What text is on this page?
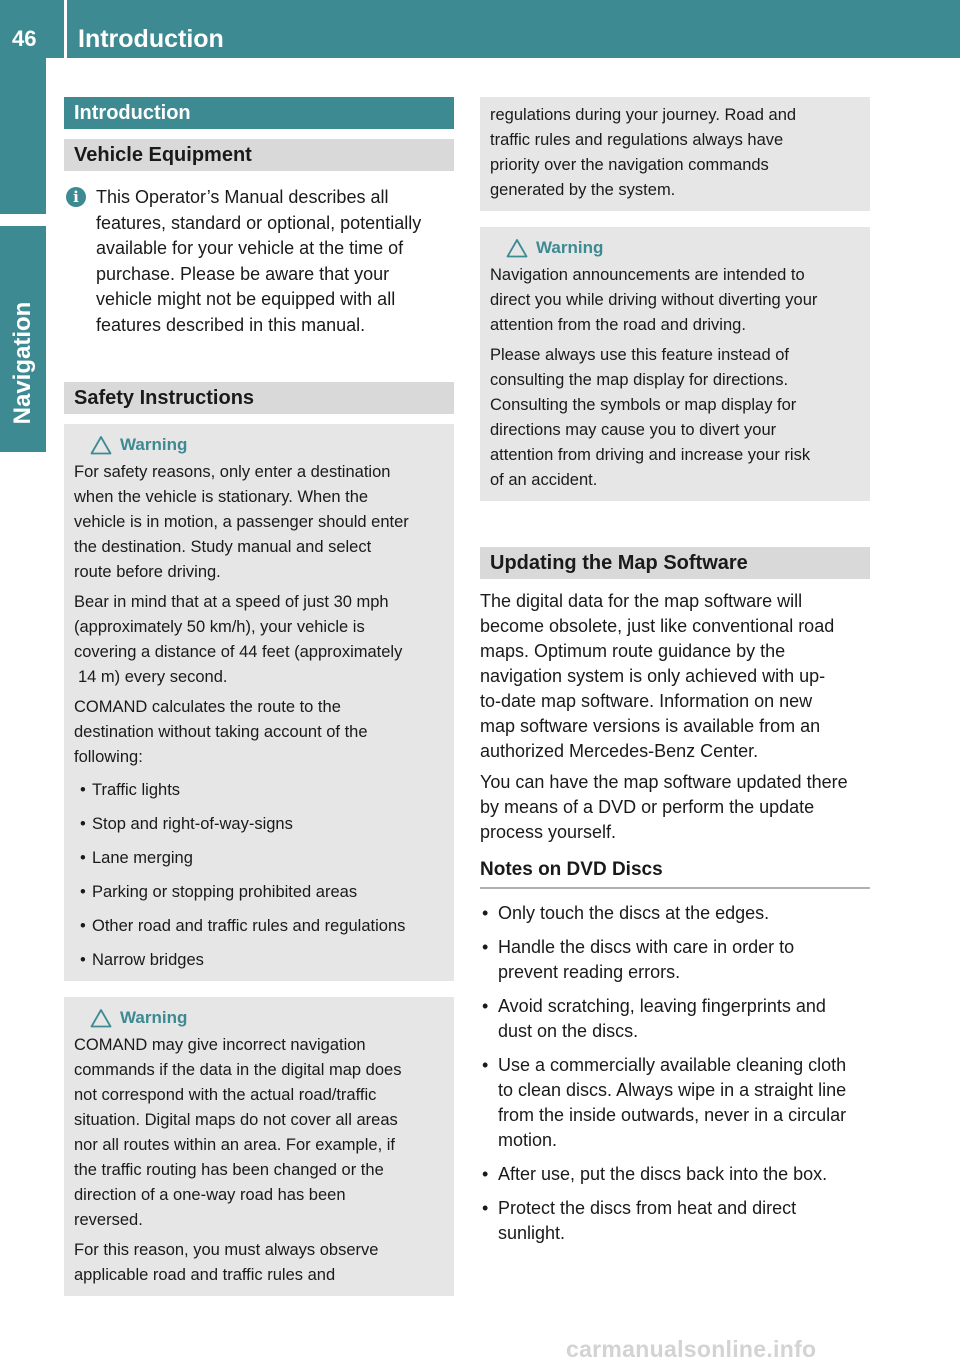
46	Introduction
Navigation
Introduction
Vehicle Equipment
i This Operator’s Manual describes all
features, standard or optional, potentially
available for your vehicle at the time of
purchase. Please be aware that your
vehicle might not be equipped with all
features described in this manual.
Safety Instructions
Warning
For safety reasons, only enter a destination
when the vehicle is stationary. When the
vehicle is in motion, a passenger should enter
the destination. Study manual and select
route before driving.
Bear in mind that at a speed of just 30 mph
(approximately 50 km/h), your vehicle is
covering a distance of 44 feet (approximately
14 m) every second.
COMAND calculates the route to the
destination without taking account of the
following:
• Traffic lights
• Stop and right-of-way-signs
• Lane merging
• Parking or stopping prohibited areas
• Other road and traffic rules and regulations
• Narrow bridges
Warning
COMAND may give incorrect navigation
commands if the data in the digital map does
not correspond with the actual road/traffic
situation. Digital maps do not cover all areas
nor all routes within an area. For example, if
the traffic routing has been changed or the
direction of a one-way road has been
reversed.
For this reason, you must always observe
applicable road and traffic rules and
regulations during your journey. Road and
traffic rules and regulations always have
priority over the navigation commands
generated by the system.
Warning
Navigation announcements are intended to
direct you while driving without diverting your
attention from the road and driving.
Please always use this feature instead of
consulting the map display for directions.
Consulting the symbols or map display for
directions may cause you to divert your
attention from driving and increase your risk
of an accident.
Updating the Map Software
The digital data for the map software will
become obsolete, just like conventional road
maps. Optimum route guidance by the
navigation system is only achieved with up-
to-date map software. Information on new
map software versions is available from an
authorized Mercedes-Benz Center.
You can have the map software updated there
by means of a DVD or perform the update
process yourself.
Notes on DVD Discs
• Only touch the discs at the edges.
• Handle the discs with care in order to
prevent reading errors.
• Avoid scratching, leaving fingerprints and
dust on the discs.
• Use a commercially available cleaning cloth
to clean discs. Always wipe in a straight line
from the inside outwards, never in a circular
motion.
• After use, put the discs back into the box.
• Protect the discs from heat and direct
sunlight.
carmanualsonline.info
